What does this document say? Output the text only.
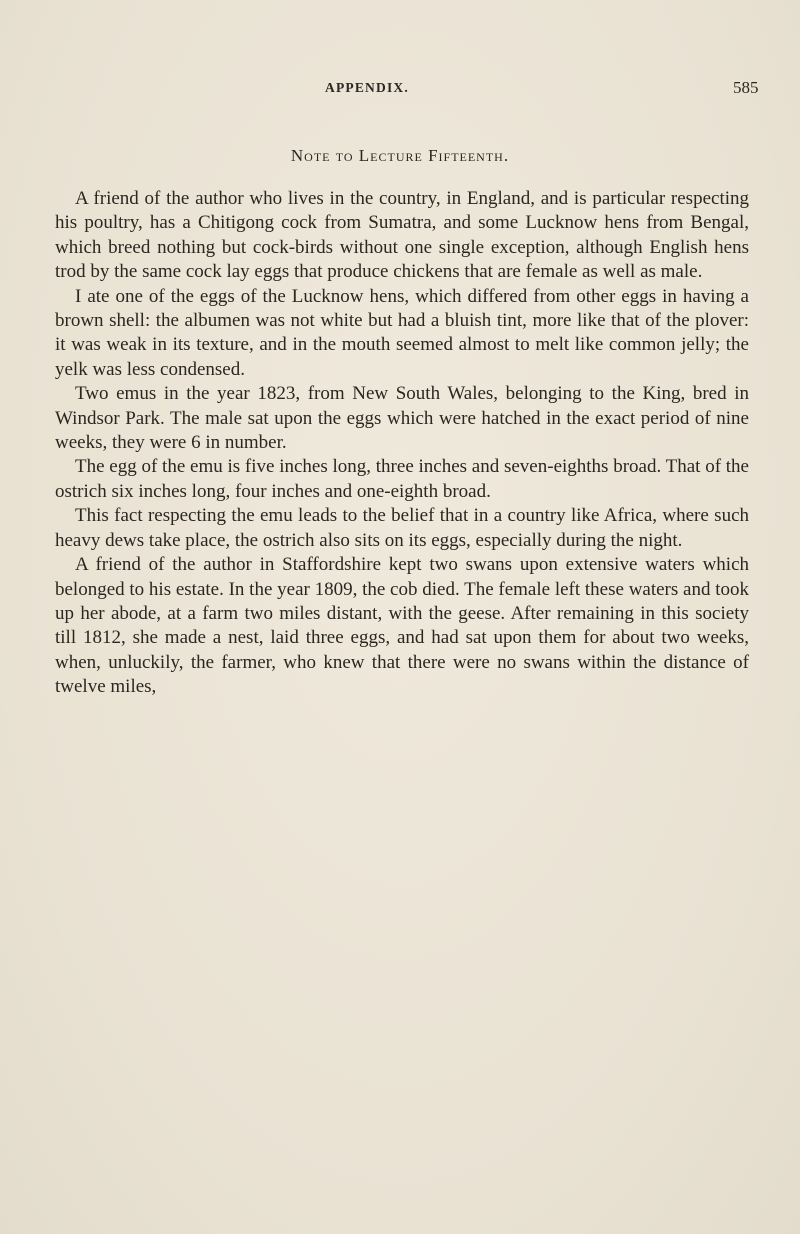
APPENDIX.	585
Note to Lecture Fifteenth.

A friend of the author who lives in the country, in England, and is particular respecting his poultry, has a Chitigong cock from Sumatra, and some Lucknow hens from Bengal, which breed nothing but cock-birds without one single exception, although English hens trod by the same cock lay eggs that produce chickens that are female as well as male.

I ate one of the eggs of the Lucknow hens, which differed from other eggs in having a brown shell: the albumen was not white but had a bluish tint, more like that of the plover: it was weak in its texture, and in the mouth seemed almost to melt like common jelly; the yelk was less condensed.

Two emus in the year 1823, from New South Wales, belonging to the King, bred in Windsor Park. The male sat upon the eggs which were hatched in the exact period of nine weeks, they were 6 in number.

The egg of the emu is five inches long, three inches and seven-eighths broad. That of the ostrich six inches long, four inches and one-eighth broad.

This fact respecting the emu leads to the belief that in a country like Africa, where such heavy dews take place, the ostrich also sits on its eggs, especially during the night.

A friend of the author in Staffordshire kept two swans upon extensive waters which belonged to his estate. In the year 1809, the cob died. The female left these waters and took up her abode, at a farm two miles distant, with the geese. After remaining in this society till 1812, she made a nest, laid three eggs, and had sat upon them for about two weeks, when, unluckily, the farmer, who knew that there were no swans within the distance of twelve miles,
